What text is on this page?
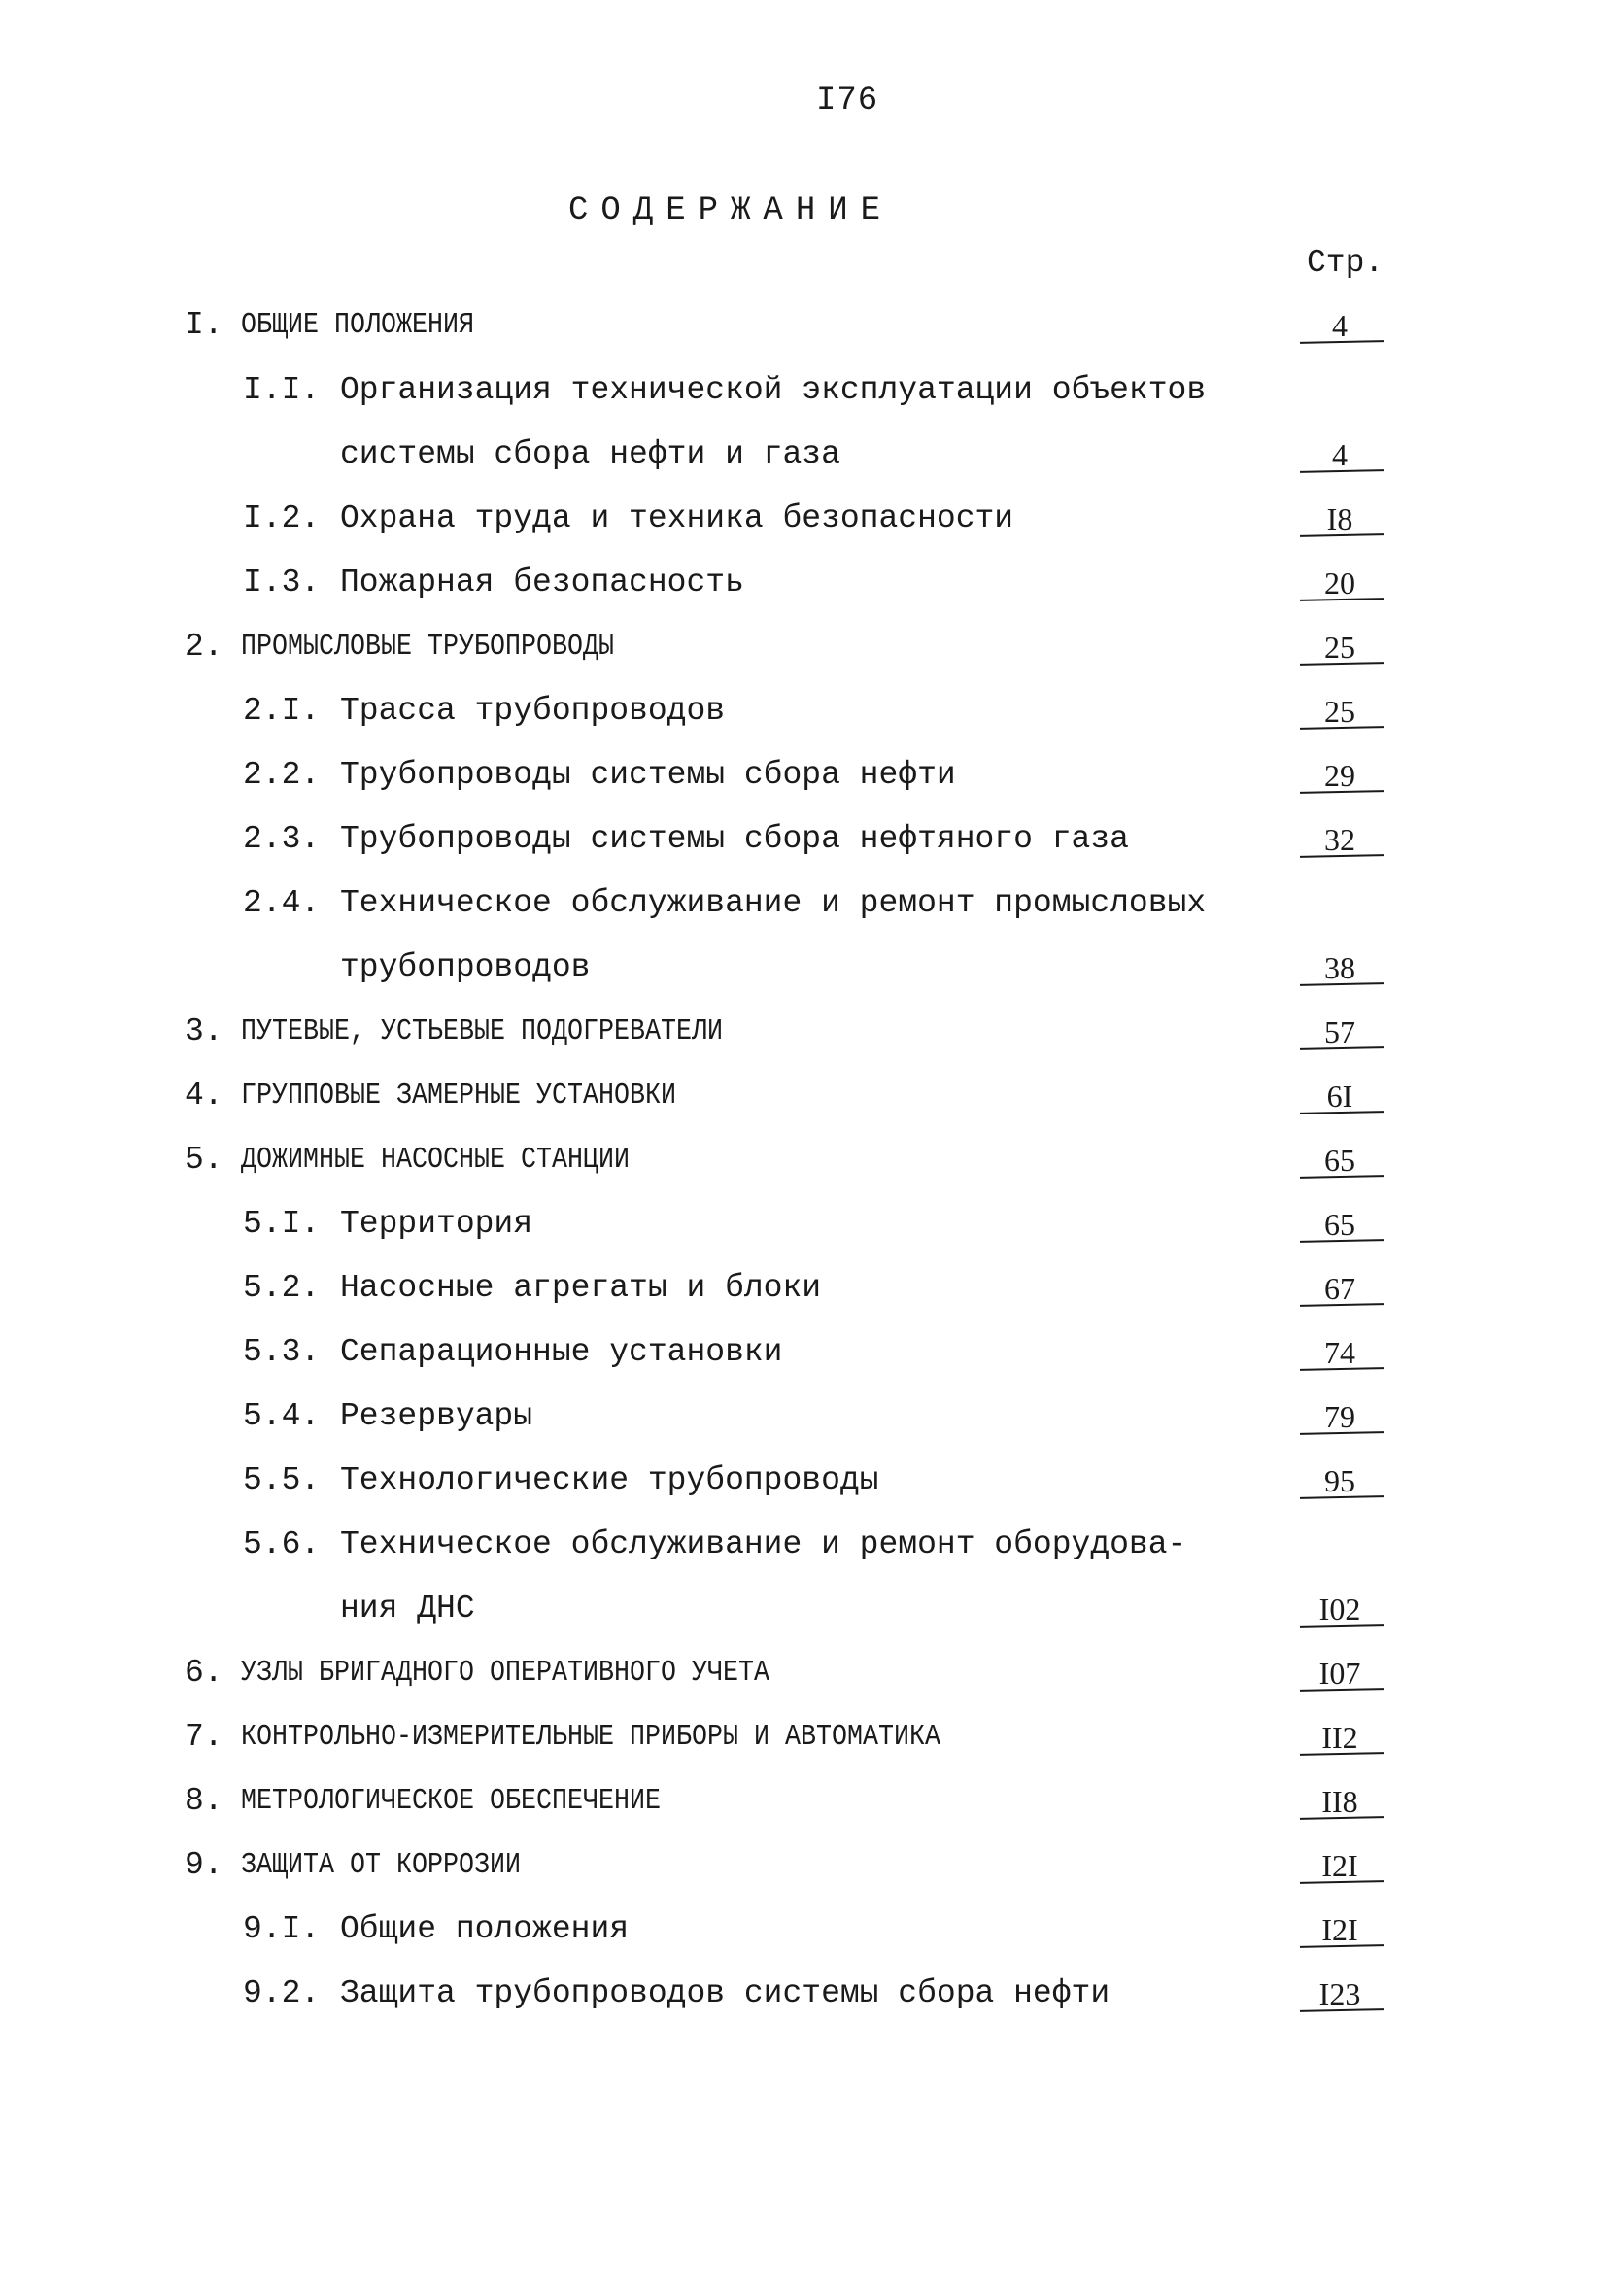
I76
СОДЕРЖАНИЕ
Стр.
I. ОБЩИЕ ПОЛОЖЕНИЯ	4
I.I. Организация технической эксплуатации объектов
системы сбора нефти и газа	4
I.2. Охрана труда и техника безопасности	I8
I.3. Пожарная безопасность	20
2. ПРОМЫСЛОВЫЕ ТРУБОПРОВОДЫ	25
2.I. Трасса трубопроводов	25
2.2. Трубопроводы системы сбора нефти	29
2.3. Трубопроводы системы сбора нефтяного газа	32
2.4. Техническое обслуживание и ремонт промысловых
трубопроводов	38
3. ПУТЕВЫЕ, УСТЬЕВЫЕ ПОДОГРЕВАТЕЛИ	57
4. ГРУППОВЫЕ ЗАМЕРНЫЕ УСТАНОВКИ	6I
5. ДОЖИМНЫЕ НАСОСНЫЕ СТАНЦИИ	65
5.I. Территория	65
5.2. Насосные агрегаты и блоки	67
5.3. Сепарационные установки	74
5.4. Резервуары	79
5.5. Технологические трубопроводы	95
5.6. Техническое обслуживание и ремонт оборудова-
ния ДНС	I02
6. УЗЛЫ БРИГАДНОГО ОПЕРАТИВНОГО УЧЕТА	I07
7. КОНТРОЛЬНО-ИЗМЕРИТЕЛЬНЫЕ ПРИБОРЫ И АВТОМАТИКА	II2
8. МЕТРОЛОГИЧЕСКОЕ ОБЕСПЕЧЕНИЕ	II8
9. ЗАЩИТА ОТ КОРРОЗИИ	I2I
9.I. Общие положения	I2I
9.2. Защита трубопроводов системы сбора нефти	I23
